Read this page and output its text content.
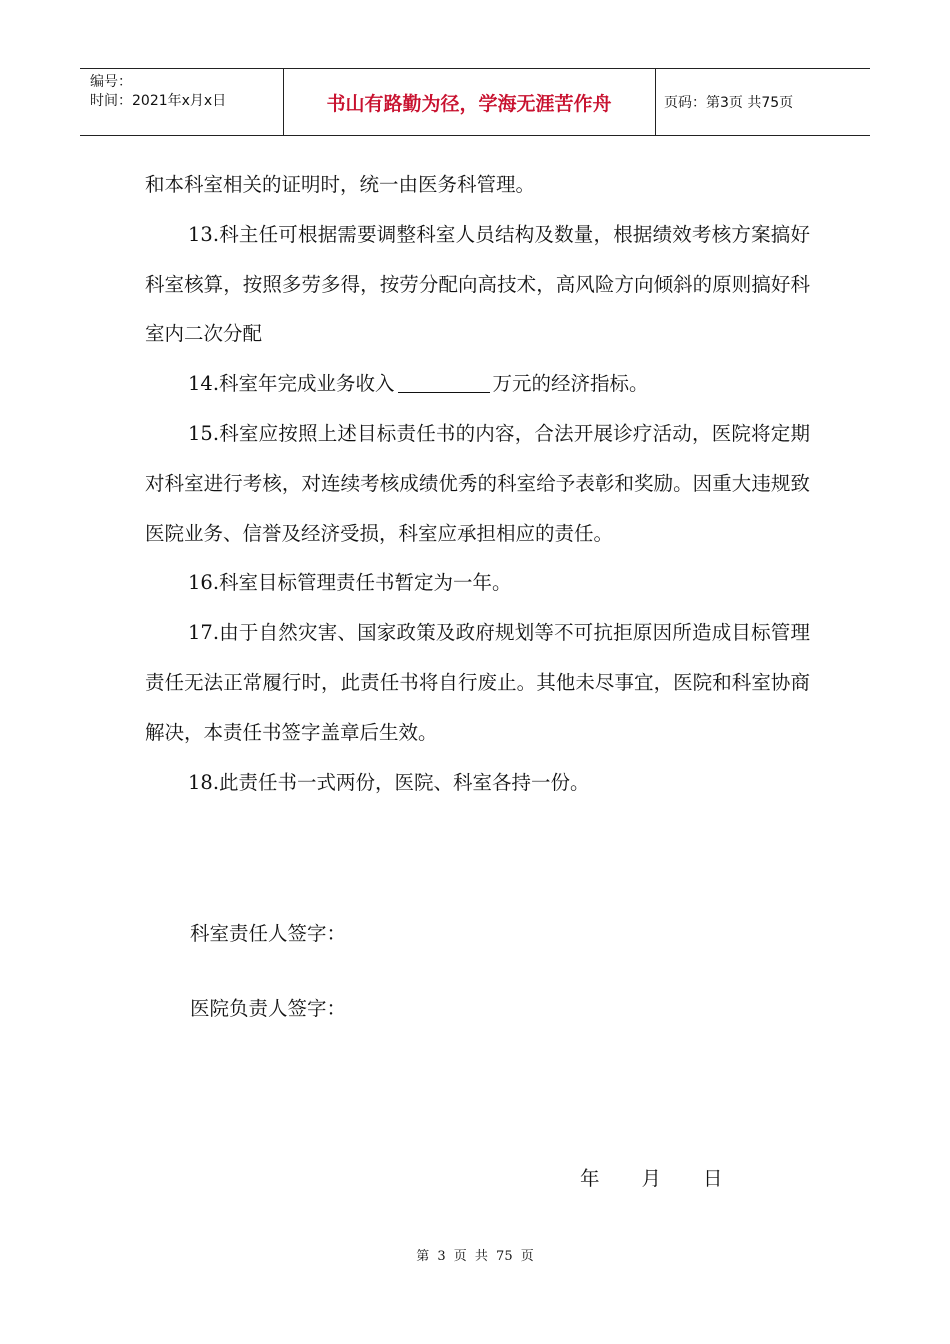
编号：
时间：2021年x月x日	书山有路勤为径，学海无涯苦作舟	页码：第3页 共75页

和本科室相关的证明时，统一由医务科管理。

13.科主任可根据需要调整科室人员结构及数量，根据绩效考核方案搞好科室核算，按照多劳多得，按劳分配向高技术，高风险方向倾斜的原则搞好科室内二次分配

14.科室年完成业务收入	万元的经济指标。

15.科室应按照上述目标责任书的内容，合法开展诊疗活动，医院将定期对科室进行考核，对连续考核成绩优秀的科室给予表彰和奖励。因重大违规致医院业务、信誉及经济受损，科室应承担相应的责任。

16.科室目标管理责任书暂定为一年。

17.由于自然灾害、国家政策及政府规划等不可抗拒原因所造成目标管理责任无法正常履行时，此责任书将自行废止。其他未尽事宜，医院和科室协商解决，本责任书签字盖章后生效。

18.此责任书一式两份，医院、科室各持一份。

科室责任人签字：
医院负责人签字：
年 月 日
第 3 页 共 75 页
